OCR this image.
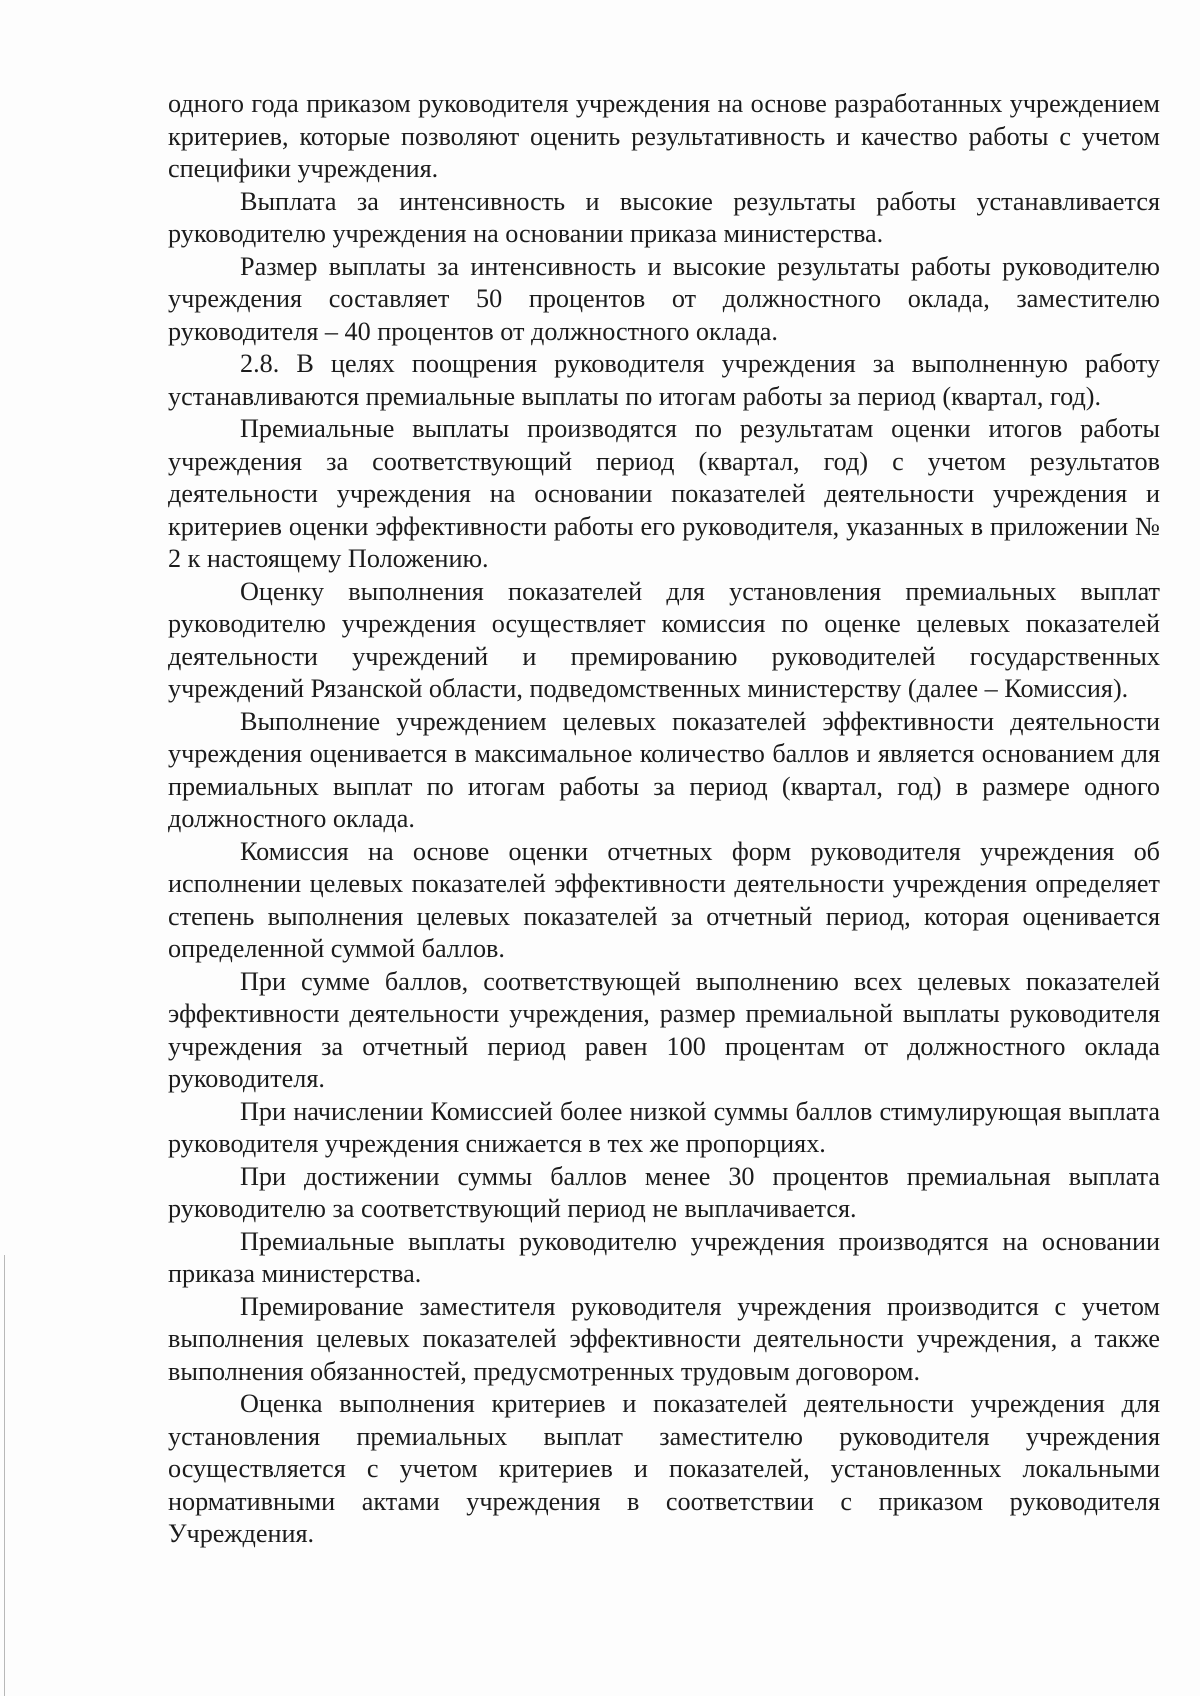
одного года приказом руководителя учреждения на основе разработанных учреждением критериев, которые позволяют оценить результативность и качество работы с учетом специфики учреждения.

Выплата за интенсивность и высокие результаты работы устанавливается руководителю учреждения на основании приказа министерства.

Размер выплаты за интенсивность и высокие результаты работы руководителю учреждения составляет 50 процентов от должностного оклада, заместителю руководителя – 40 процентов от должностного оклада.

2.8. В целях поощрения руководителя учреждения за выполненную работу устанавливаются премиальные выплаты по итогам работы за период (квартал, год).

Премиальные выплаты производятся по результатам оценки итогов работы учреждения за соответствующий период (квартал, год) с учетом результатов деятельности учреждения на основании показателей деятельности учреждения и критериев оценки эффективности работы его руководителя, указанных в приложении № 2 к настоящему Положению.

Оценку выполнения показателей для установления премиальных выплат руководителю учреждения осуществляет комиссия по оценке целевых показателей деятельности учреждений и премированию руководителей государственных учреждений Рязанской области, подведомственных министерству (далее – Комиссия).

Выполнение учреждением целевых показателей эффективности деятельности учреждения оценивается в максимальное количество баллов и является основанием для премиальных выплат по итогам работы за период (квартал, год) в размере одного должностного оклада.

Комиссия на основе оценки отчетных форм руководителя учреждения об исполнении целевых показателей эффективности деятельности учреждения определяет степень выполнения целевых показателей за отчетный период, которая оценивается определенной суммой баллов.

При сумме баллов, соответствующей выполнению всех целевых показателей эффективности деятельности учреждения, размер премиальной выплаты руководителя учреждения за отчетный период равен 100 процентам от должностного оклада руководителя.

При начислении Комиссией более низкой суммы баллов стимулирующая выплата руководителя учреждения снижается в тех же пропорциях.

При достижении суммы баллов менее 30 процентов премиальная выплата руководителю за соответствующий период не выплачивается.

Премиальные выплаты руководителю учреждения производятся на основании приказа министерства.

Премирование заместителя руководителя учреждения производится с учетом выполнения целевых показателей эффективности деятельности учреждения, а также выполнения обязанностей, предусмотренных трудовым договором.

Оценка выполнения критериев и показателей деятельности учреждения для установления премиальных выплат заместителю руководителя учреждения осуществляется с учетом критериев и показателей, установленных локальными нормативными актами учреждения в соответствии с приказом руководителя Учреждения.
